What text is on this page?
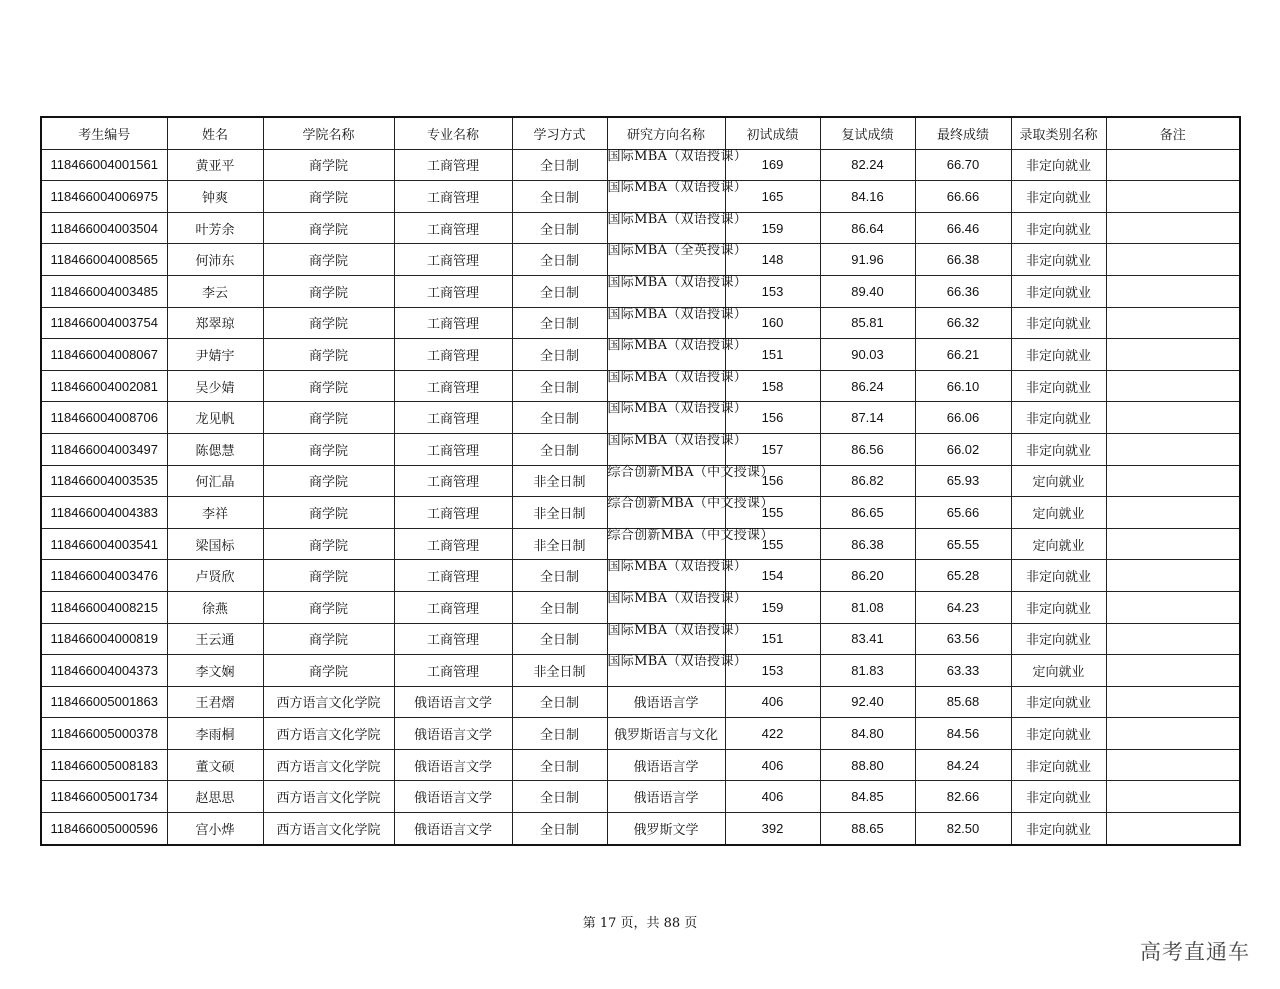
考生编号	姓名	学院名称	专业名称	学习方式	研究方向名称	初试成绩	复试成绩	最终成绩	录取类别名称	备注
118466004001561	黄亚平	商学院	工商管理	全日制	国际MBA（双语授课）	169	82.24	66.70	非定向就业	
118466004006975	钟爽	商学院	工商管理	全日制	国际MBA（双语授课）	165	84.16	66.66	非定向就业	
118466004003504	叶芳余	商学院	工商管理	全日制	国际MBA（双语授课）	159	86.64	66.46	非定向就业	
118466004008565	何沛东	商学院	工商管理	全日制	国际MBA（全英授课）	148	91.96	66.38	非定向就业	
118466004003485	李云	商学院	工商管理	全日制	国际MBA（双语授课）	153	89.40	66.36	非定向就业	
118466004003754	郑翠琼	商学院	工商管理	全日制	国际MBA（双语授课）	160	85.81	66.32	非定向就业	
118466004008067	尹婧宇	商学院	工商管理	全日制	国际MBA（双语授课）	151	90.03	66.21	非定向就业	
118466004002081	吴少婧	商学院	工商管理	全日制	国际MBA（双语授课）	158	86.24	66.10	非定向就业	
118466004008706	龙见帆	商学院	工商管理	全日制	国际MBA（双语授课）	156	87.14	66.06	非定向就业	
118466004003497	陈偲慧	商学院	工商管理	全日制	国际MBA（双语授课）	157	86.56	66.02	非定向就业	
118466004003535	何汇晶	商学院	工商管理	非全日制	综合创新MBA（中文授课）	156	86.82	65.93	定向就业	
118466004004383	李祥	商学院	工商管理	非全日制	综合创新MBA（中文授课）	155	86.65	65.66	定向就业	
118466004003541	梁国标	商学院	工商管理	非全日制	综合创新MBA（中文授课）	155	86.38	65.55	定向就业	
118466004003476	卢贤欣	商学院	工商管理	全日制	国际MBA（双语授课）	154	86.20	65.28	非定向就业	
118466004008215	徐燕	商学院	工商管理	全日制	国际MBA（双语授课）	159	81.08	64.23	非定向就业	
118466004000819	王云通	商学院	工商管理	全日制	国际MBA（双语授课）	151	83.41	63.56	非定向就业	
118466004004373	李文娴	商学院	工商管理	非全日制	国际MBA（双语授课）	153	81.83	63.33	定向就业	
118466005001863	王君熠	西方语言文化学院	俄语语言文学	全日制	俄语语言学	406	92.40	85.68	非定向就业	
118466005000378	李雨桐	西方语言文化学院	俄语语言文学	全日制	俄罗斯语言与文化	422	84.80	84.56	非定向就业	
118466005008183	董文硕	西方语言文化学院	俄语语言文学	全日制	俄语语言学	406	88.80	84.24	非定向就业	
118466005001734	赵思思	西方语言文化学院	俄语语言文学	全日制	俄语语言学	406	84.85	82.66	非定向就业	
118466005000596	宫小烨	西方语言文化学院	俄语语言文学	全日制	俄罗斯文学	392	88.65	82.50	非定向就业	
第 17 页，共 88 页
高考直通车
